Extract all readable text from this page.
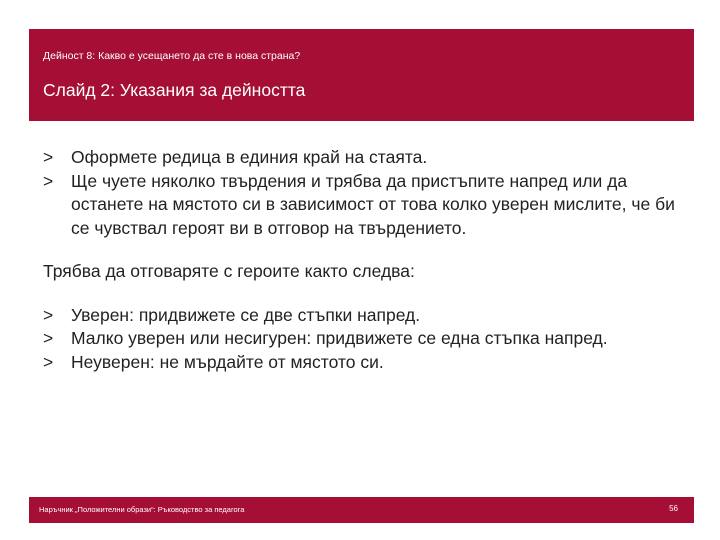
Дейност 8: Какво е усещането да сте в нова страна?
Слайд 2: Указания за дейността
>	Оформете редица в единия край на стаята.
>	Ще чуете няколко твърдения и трябва да пристъпите напред или да останете на мястото си в зависимост от това колко уверен мислите, че би се чувствал героят ви в отговор на твърдението.
Трябва да отговаряте с героите както следва:
>	Уверен: придвижете се две стъпки напред.
>	Малко уверен или несигурен: придвижете се една стъпка напред.
>	Неуверен: не мърдайте от мястото си.
Наръчник „Положителни образи“: Ръководство за педагога	56
